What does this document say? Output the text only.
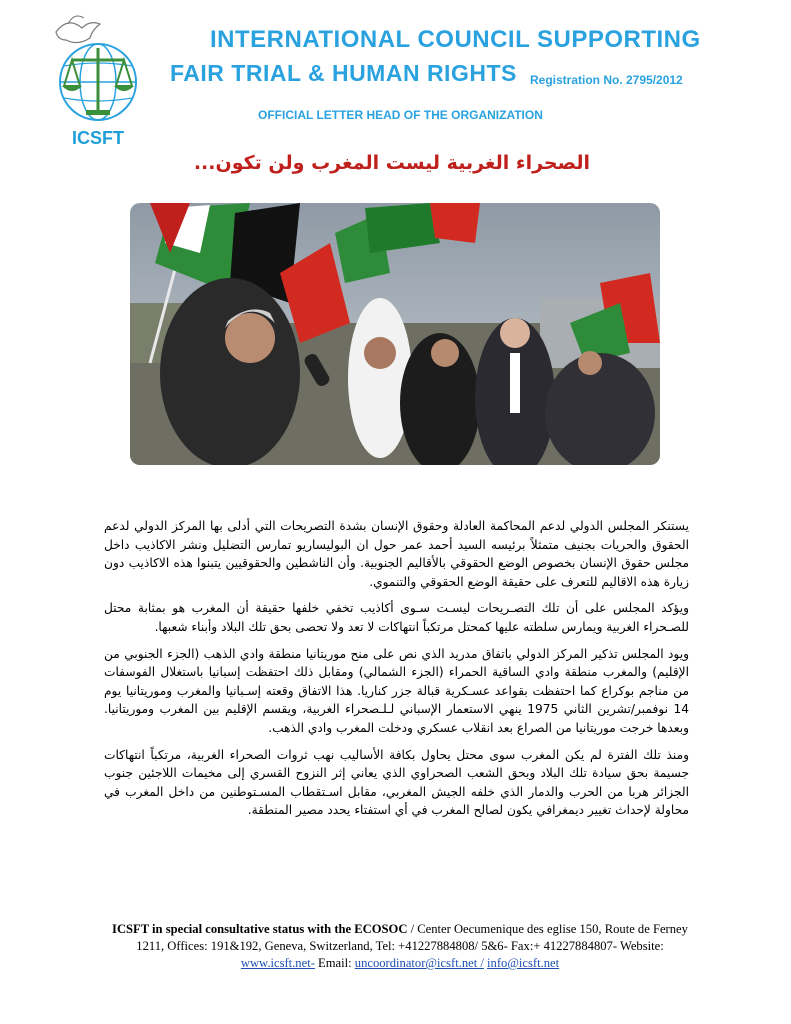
ICSFT
INTERNATIONAL COUNCIL SUPPORTING
FAIR TRIAL & HUMAN RIGHTS Registration No. 2795/2012
OFFICIAL LETTER HEAD OF THE ORGANIZATION
الصحراء الغربية ليست المغرب ولن تكون...

يستنكر المجلس الدولي لدعم المحاكمة العادلة وحقوق الإنسان بشدة التصريحات التي أدلى بها المركز الدولي لدعم الحقوق والحريات بجنيف متمثلاً برئيسه السيد أحمد عمر حول ان البوليساريو تمارس التضليل ونشر الاكاذيب داخل مجلس حقوق الإنسان بخصوص الوضع الحقوقي بالأقاليم الجنوبية. وأن الناشطين والحقوقيين يتبنوا هذه الاكاذيب دون زيارة هذه الاقاليم للتعرف على حقيقة الوضع الحقوقي والتنموي.

ويؤكد المجلس على أن تلك التصـريحات ليسـت سـوى أكاذيب تخفي خلفها حقيقة أن المغرب هو بمثابة محتل للصـحراء الغربية ويمارس سلطته عليها كمحتل مرتكباً انتهاكات لا تعد ولا تحصى بحق تلك البلاد وأبناء شعبها.

ويود المجلس تذكير المركز الدولي باتفاق مدريد الذي نص على منح موريتانيا منطقة وادي الذهب (الجزء الجنوبي من الإقليم) والمغرب منطقة وادي الساقية الحمراء (الجزء الشمالي) ومقابل ذلك احتفظت إسبانيا باستغلال الفوسفات من مناجم بوكراع كما احتفظت بقواعد عسـكرية قبالة جزر كناريا. هذا الاتفاق وقعته إسـبانيا والمغرب وموريتانيا يوم 14 نوفمبر/تشرين الثاني 1975 ينهي الاستعمار الإسباني لـلـصحراء الغربية، ويقسم الإقليم بين المغرب وموريتانيا. وبعدها خرجت موريتانيا من الصراع بعد انقلاب عسكري ودخلت المغرب وادي الذهب.

ومنذ تلك الفترة لم يكن المغرب سوى محتل يحاول بكافة الأساليب نهب ثروات الصحراء الغربية، مرتكباً انتهاكات جسيمة بحق سيادة تلك البلاد وبحق الشعب الصحراوي الذي يعاني إثر النزوح القسري إلى مخيمات اللاجئين جنوب الجزائر هربا من الحرب والدمار الذي خلفه الجيش المغربي، مقابل اسـتقطاب المسـتوطنين من داخل المغرب في محاولة لإحداث تغيير ديمغرافي يكون لصالح المغرب في أي استفتاء يحدد مصير المنطقة.

ICSFT in special consultative status with the ECOSOC / Center Oecumenique des eglise 150, Route de Ferney
1211, Offices: 191&192, Geneva, Switzerland, Tel: +41227884808/ 5&6- Fax:+ 41227884807- Website:
www.icsft.net- Email: uncoordinator@icsft.net / info@icsft.net
